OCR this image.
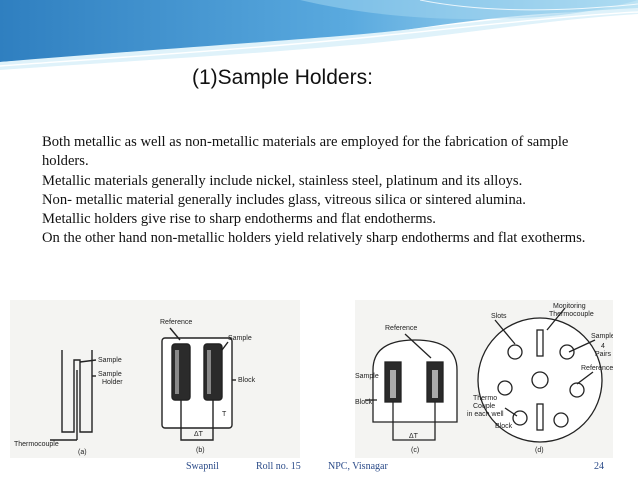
(1)Sample Holders:

Both metallic as well as non-metallic materials are employed for the fabrication of sample holders.

Metallic materials generally include nickel, stainless steel, platinum and its alloys.

Non- metallic material generally includes glass, vitreous silica or sintered alumina.

Metallic holders give rise to sharp endotherms and flat endotherms.

On the other hand non-metallic holders yield relatively sharp endotherms and flat exotherms.

Sample
Sample
Holder
Thermocouple
(a)
Reference
Sample
Block
T
ΔT
(b)
Reference
Sample
Block
ΔT
(c)
Slots
Monitoring
Thermocouple
Sample
4
Pairs
Reference
Thermo
Couple
in each well
Block
(d)
Swapnil	Roll no. 15	NPC, Visnagar	24
